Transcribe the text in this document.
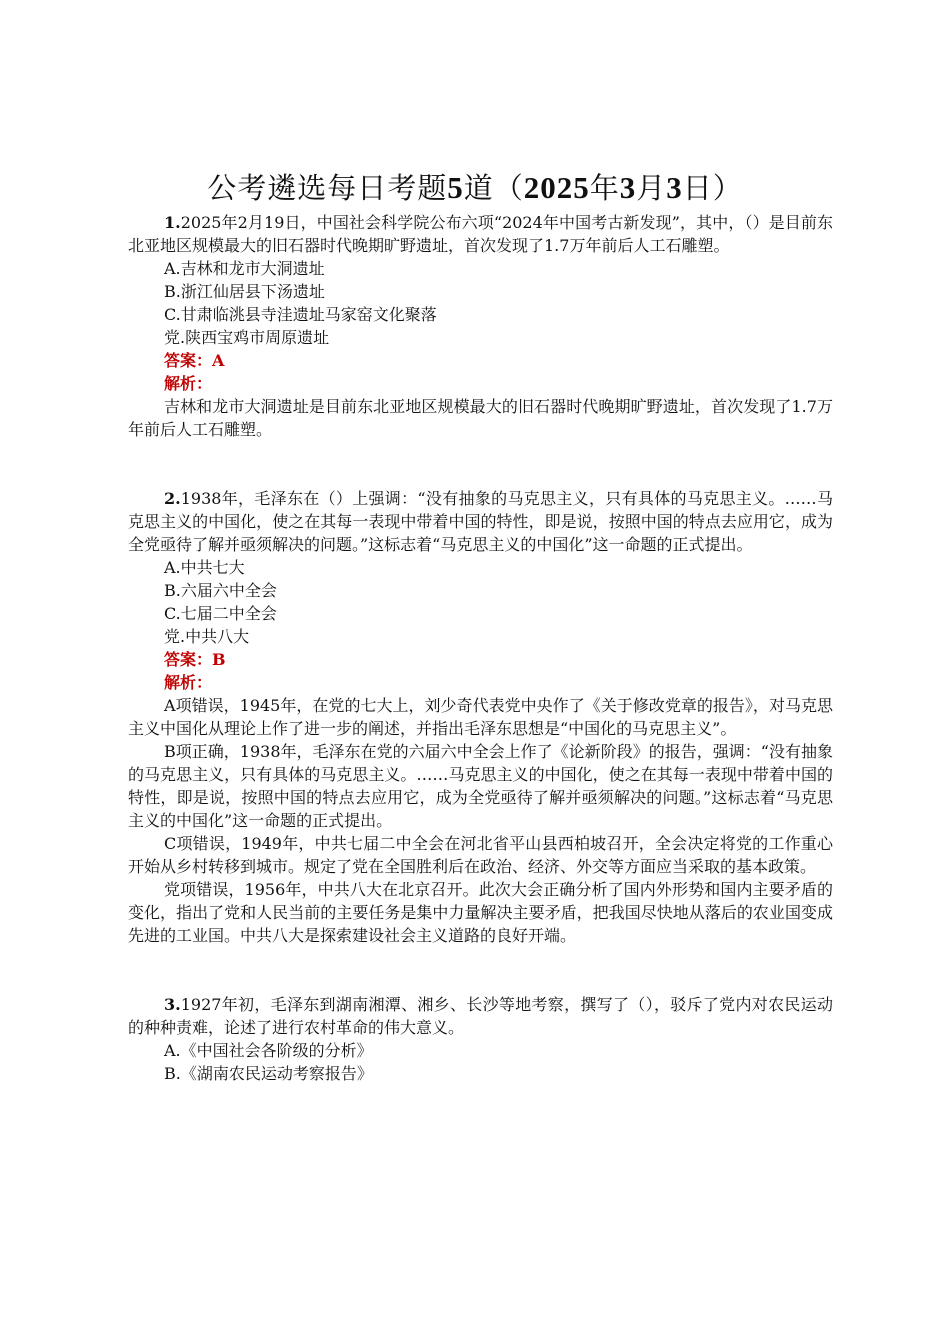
公考遴选每日考题5道（2025年3月3日）

1.2025年2月19日，中国社会科学院公布六项“2024年中国考古新发现”，其中，（）是目前东北亚地区规模最大的旧石器时代晚期旷野遗址，首次发现了1.7万年前后人工石雕塑。

A.吉林和龙市大洞遗址

B.浙江仙居县下汤遗址

C.甘肃临洮县寺洼遗址马家窑文化聚落

党.陕西宝鸡市周原遗址

答案：A

解析：

吉林和龙市大洞遗址是目前东北亚地区规模最大的旧石器时代晚期旷野遗址，首次发现了1.7万年前后人工石雕塑。

2.1938年，毛泽东在（）上强调：“没有抽象的马克思主义，只有具体的马克思主义。……马克思主义的中国化，使之在其每一表现中带着中国的特性，即是说，按照中国的特点去应用它，成为全党亟待了解并亟须解决的问题。”这标志着“马克思主义的中国化”这一命题的正式提出。

A.中共七大

B.六届六中全会

C.七届二中全会

党.中共八大

答案：B

解析：

A项错误，1945年，在党的七大上，刘少奇代表党中央作了《关于修改党章的报告》，对马克思主义中国化从理论上作了进一步的阐述，并指出毛泽东思想是“中国化的马克思主义”。

B项正确，1938年，毛泽东在党的六届六中全会上作了《论新阶段》的报告，强调：“没有抽象的马克思主义，只有具体的马克思主义。……马克思主义的中国化，使之在其每一表现中带着中国的特性，即是说，按照中国的特点去应用它，成为全党亟待了解并亟须解决的问题。”这标志着“马克思主义的中国化”这一命题的正式提出。

C项错误，1949年，中共七届二中全会在河北省平山县西柏坡召开，全会决定将党的工作重心开始从乡村转移到城市。规定了党在全国胜利后在政治、经济、外交等方面应当采取的基本政策。

党项错误，1956年，中共八大在北京召开。此次大会正确分析了国内外形势和国内主要矛盾的变化，指出了党和人民当前的主要任务是集中力量解决主要矛盾，把我国尽快地从落后的农业国变成先进的工业国。中共八大是探索建设社会主义道路的良好开端。

3.1927年初，毛泽东到湖南湘潭、湘乡、长沙等地考察，撰写了（），驳斥了党内对农民运动的种种责难，论述了进行农村革命的伟大意义。

A.《中国社会各阶级的分析》

B.《湖南农民运动考察报告》
